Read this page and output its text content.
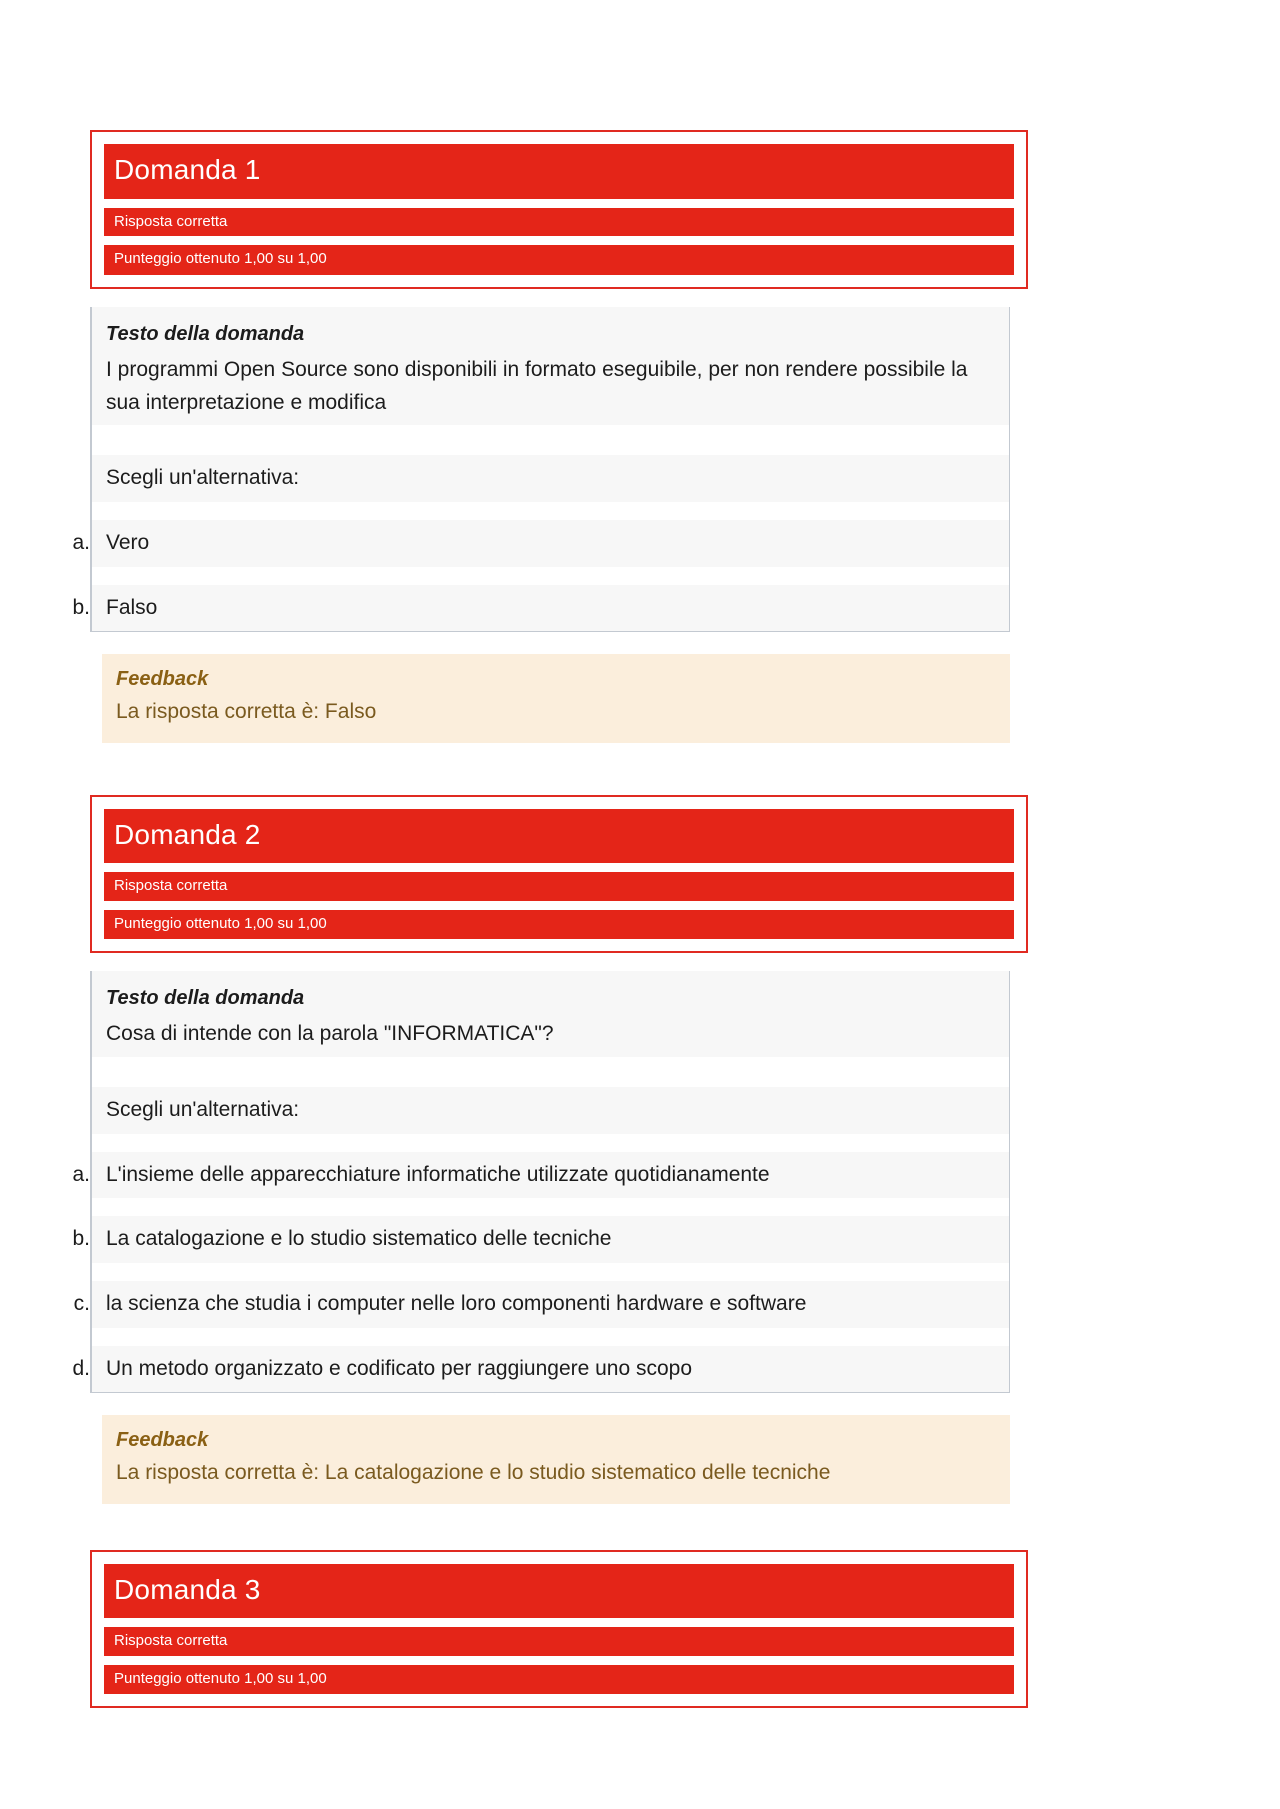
Domanda 1
Risposta corretta
Punteggio ottenuto 1,00 su 1,00
Testo della domanda
I programmi Open Source sono disponibili in formato eseguibile, per non rendere possibile la sua interpretazione e modifica
Scegli un'alternativa:
a. Vero
b. Falso
Feedback
La risposta corretta è: Falso
Domanda 2
Risposta corretta
Punteggio ottenuto 1,00 su 1,00
Testo della domanda
Cosa di intende con la parola "INFORMATICA"?
Scegli un'alternativa:
a. L'insieme delle apparecchiature informatiche utilizzate quotidianamente
b. La catalogazione e lo studio sistematico delle tecniche
c. la scienza che studia i computer nelle loro componenti hardware e software
d. Un metodo organizzato e codificato per raggiungere uno scopo
Feedback
La risposta corretta è: La catalogazione e lo studio sistematico delle tecniche
Domanda 3
Risposta corretta
Punteggio ottenuto 1,00 su 1,00
